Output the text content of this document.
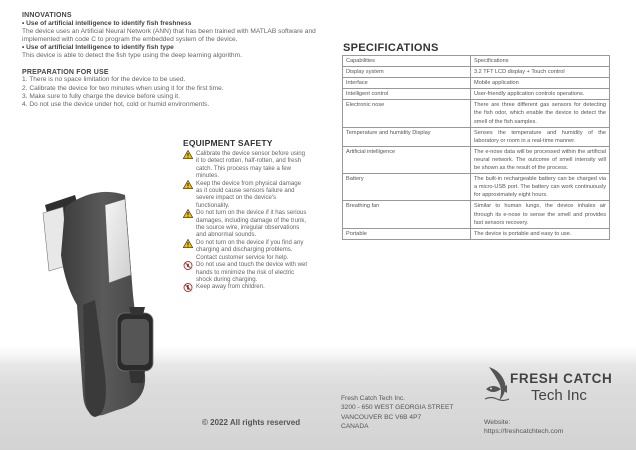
INNOVATIONS

• Use of artificial intelligence to identify fish freshness

The device uses an Artificial Neural Network (ANN) that has been trained with MATLAB software and implemented with code C to program the embedded system of the device.

• Use of artificial Intelligence to identify fish type

This device is able to detect the fish type using the deep learning algorithm.

PREPARATION FOR USE

1. There is no space limitation for the device to be used.

2. Calibrate the device for two minutes when using it for the first time.

3. Make sure to fully charge the device before using it.

4. Do not use the device under hot, cold or humid environments.

EQUIPMENT SAFETY
Calibrate the device sensor before using it to detect rotten, half-rotten, and fresh catch. This process may take a few minutes.
Keep the device from physical damage as it could cause sensors failure and severe impact on the device's functionality.
Do not turn on the device if it has serious damages, including damage of the trunk, the source wire, irregular observations and abnormal sounds.
Do not turn on the device if you find any charging and discharging problems. Contact customer service for help.
Do not use and touch the device with wet hands to minimize the risk of electric shock during charging.
Keep away from children.
SPECIFICATIONS
Capabilities	Specifications
Display system	3.2 TFT LCD display + Touch control
Interface	Mobile application
Intelligent control	User-friendly application controls operations.
Electronic nose	There are three different gas sensors for detecting the fish odor, which enable the device to detect the smell of the fish samples.
Temperature and humidity Display	Senses the temperature and humidity of the laboratory or room in a real-time manner.
Artificial intelligence	The e-nose data will be processed within the artificial neural network. The outcome of smell intensity will be shown as the result of the process.
Battery	The built-in rechargeable battery can be charged via a micro-USB port. The battery can work continuously for approximately eight hours.
Breathing fan	Similar to human lungs, the device inhales air through its e-nose to sense the smell and provides fast sensors recovery.
Portable	The device is portable and easy to use.
© 2022 All rights reserved
Fresh Catch Tech Inc.
3200 - 650 WEST GEORGIA STREET
VANCOUVER BC V6B 4P7
CANADA
FRESH CATCH
Tech Inc
Website:
https://freshcatchtech.com
